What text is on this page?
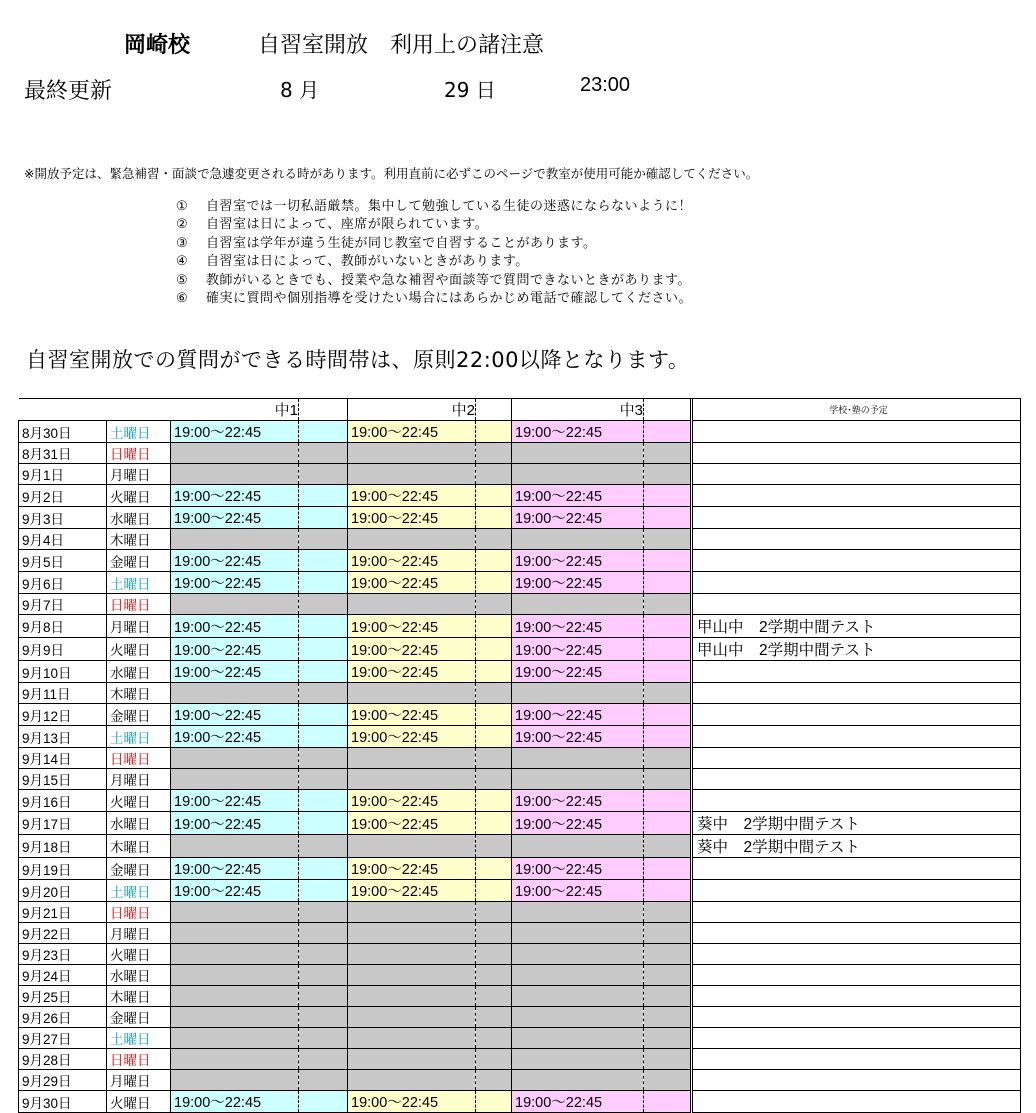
岡崎校	自習室開放　利用上の諸注意
最終更新	8 月	29 日	23:00
※開放予定は、緊急補習・面談で急遽変更される時があります。利用直前に必ずこのページで教室が使用可能か確認してください。
① 自習室では一切私語厳禁。集中して勉強している生徒の迷惑にならないように！
② 自習室は日によって、座席が限られています。
③ 自習室は学年が違う生徒が同じ教室で自習することがあります。
④ 自習室は日によって、教師がいないときがあります。
⑤ 教師がいるときでも、授業や急な補習や面談等で質問できないときがあります。
⑥ 確実に質問や個別指導を受けたい場合にはあらかじめ電話で確認してください。
自習室開放での質問ができる時間帯は、原則22:00以降となります。
		中1		中2		中3			学校･塾の予定
8月30日	土曜日	19:00〜22:45		19:00〜22:45		19:00〜22:45			
8月31日	日曜日								
9月1日	月曜日								
9月2日	火曜日	19:00〜22:45		19:00〜22:45		19:00〜22:45			
9月3日	水曜日	19:00〜22:45		19:00〜22:45		19:00〜22:45			
9月4日	木曜日								
9月5日	金曜日	19:00〜22:45		19:00〜22:45		19:00〜22:45			
9月6日	土曜日	19:00〜22:45		19:00〜22:45		19:00〜22:45			
9月7日	日曜日								
9月8日	月曜日	19:00〜22:45		19:00〜22:45		19:00〜22:45			甲山中　2学期中間テスト
9月9日	火曜日	19:00〜22:45		19:00〜22:45		19:00〜22:45			甲山中　2学期中間テスト
9月10日	水曜日	19:00〜22:45		19:00〜22:45		19:00〜22:45			
9月11日	木曜日								
9月12日	金曜日	19:00〜22:45		19:00〜22:45		19:00〜22:45			
9月13日	土曜日	19:00〜22:45		19:00〜22:45		19:00〜22:45			
9月14日	日曜日								
9月15日	月曜日								
9月16日	火曜日	19:00〜22:45		19:00〜22:45		19:00〜22:45			
9月17日	水曜日	19:00〜22:45		19:00〜22:45		19:00〜22:45			葵中　2学期中間テスト
9月18日	木曜日								葵中　2学期中間テスト
9月19日	金曜日	19:00〜22:45		19:00〜22:45		19:00〜22:45			
9月20日	土曜日	19:00〜22:45		19:00〜22:45		19:00〜22:45			
9月21日	日曜日								
9月22日	月曜日								
9月23日	火曜日								
9月24日	水曜日								
9月25日	木曜日								
9月26日	金曜日								
9月27日	土曜日								
9月28日	日曜日								
9月29日	月曜日								
9月30日	火曜日	19:00〜22:45		19:00〜22:45		19:00〜22:45			
